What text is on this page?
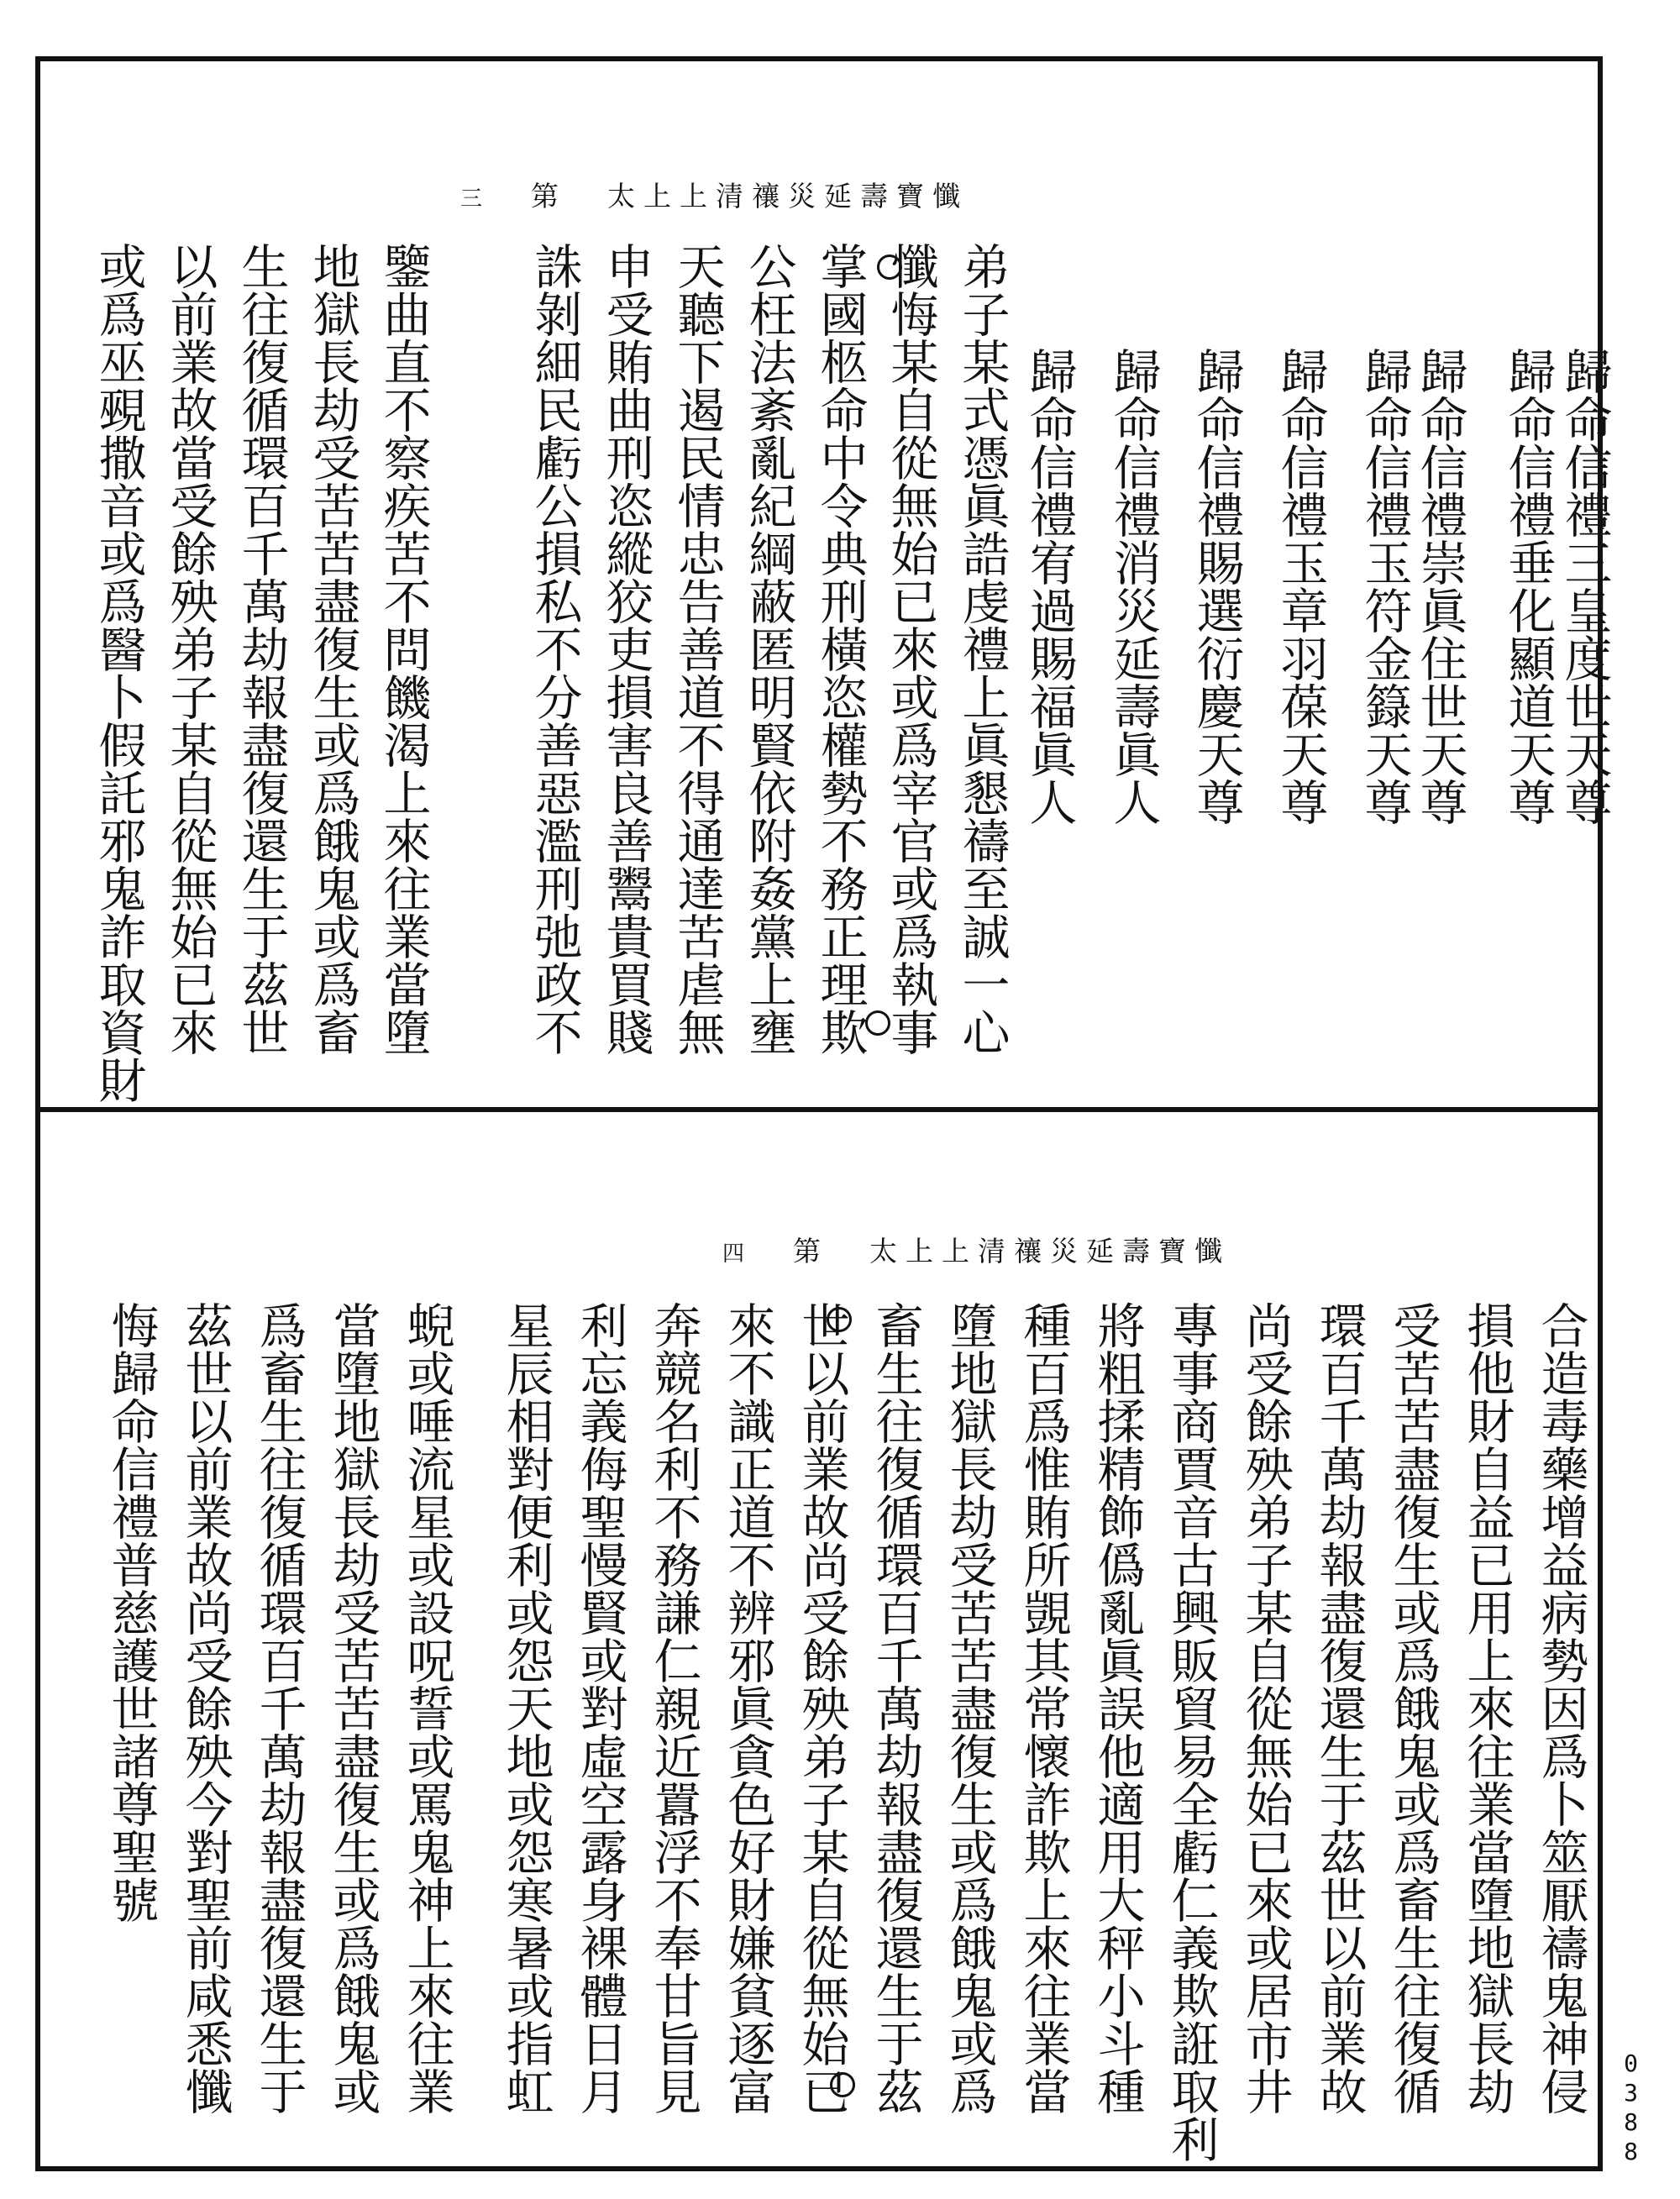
三 第 太上上清禳災延壽寶懺
歸命信禮三皇度世天尊
歸命信禮垂化顯道天尊
歸命信禮崇眞住世天尊
歸命信禮玉符金籙天尊
歸命信禮玉章羽葆天尊
歸命信禮賜選衍慶天尊
歸命信禮消災延壽眞人
歸命信禮宥過賜福眞人
弟子某式憑眞誥虔禮上眞懇禱至誠一心
懺悔某自從無始已來或爲宰官或爲執事
掌國柩命中令典刑橫恣權勢不務正理欺
公枉法紊亂紀綱蔽匿明賢依附姦黨上壅
天聽下遏民情忠告善道不得通達苦虐無
申受賄曲刑恣縱狡吏損害良善鬻貴買賤
誅剝細民虧公損私不分善惡濫刑弛政不
鑒曲直不察疾苦不問饑渴上來往業當墮
地獄長劫受苦苦盡復生或爲餓鬼或爲畜
生往復循環百千萬劫報盡復還生于茲世
以前業故當受餘殃弟子某自從無始已來
或爲巫覡撒音或爲醫卜假託邪鬼詐取資財
四 第 太上上清禳災延壽寶懺
合造毒藥增益病勢因爲卜筮厭禱鬼神侵
損他財自益已用上來往業當墮地獄長劫
受苦苦盡復生或爲餓鬼或爲畜生往復循
環百千萬劫報盡復還生于茲世以前業故
尚受餘殃弟子某自從無始已來或居市井
專事商賈音古興販貿易全虧仁義欺誑取利
將粗揉精飾僞亂眞誤他適用大秤小斗種
種百爲惟賄所覬其常懷詐欺上來往業當
墮地獄長劫受苦苦盡復生或爲餓鬼或爲
畜生往復循環百千萬劫報盡復還生于茲
世以前業故尚受餘殃弟子某自從無始已
來不識正道不辨邪眞貪色好財嫌貧逐富
奔競名利不務謙仁親近囂浮不奉甘旨見
利忘義侮聖慢賢或對虛空露身裸體日月
星辰相對便利或怨天地或怨寒暑或指虹
蜺或唾流星或設呪誓或罵鬼神上來往業
當墮地獄長劫受苦苦盡復生或爲餓鬼或
爲畜生往復循環百千萬劫報盡復還生于
茲世以前業故尚受餘殃今對聖前咸悉懺
悔歸命信禮普慈護世諸尊聖號
0388
